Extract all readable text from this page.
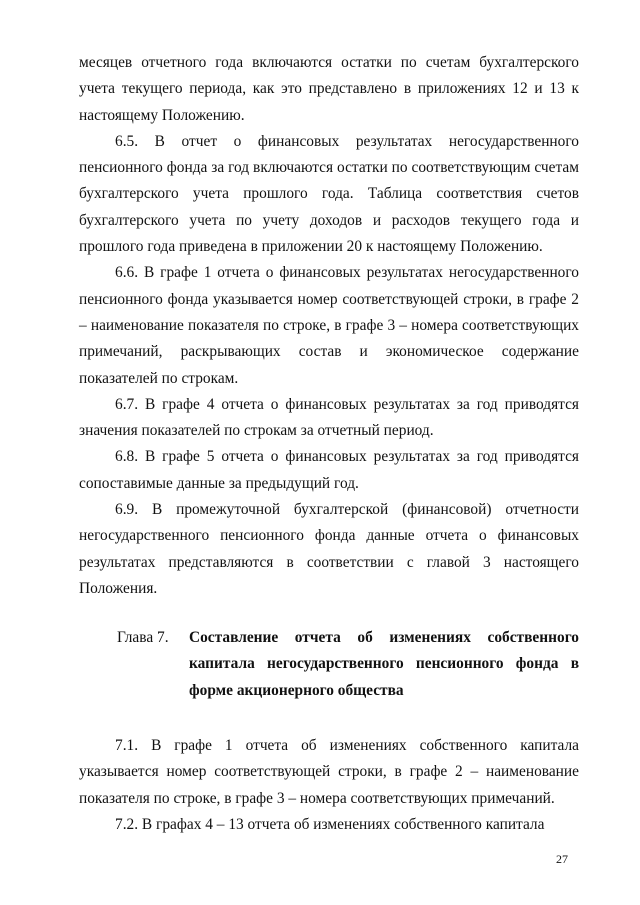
месяцев отчетного года включаются остатки по счетам бухгалтерского учета текущего периода, как это представлено в приложениях 12 и 13 к настоящему Положению.

6.5. В отчет о финансовых результатах негосударственного пенсионного фонда за год включаются остатки по соответствующим счетам бухгалтерского учета прошлого года. Таблица соответствия счетов бухгалтерского учета по учету доходов и расходов текущего года и прошлого года приведена в приложении 20 к настоящему Положению.

6.6. В графе 1 отчета о финансовых результатах негосударственного пенсионного фонда указывается номер соответствующей строки, в графе 2 – наименование показателя по строке, в графе 3 – номера соответствующих примечаний, раскрывающих состав и экономическое содержание показателей по строкам.

6.7. В графе 4 отчета о финансовых результатах за год приводятся значения показателей по строкам за отчетный период.

6.8. В графе 5 отчета о финансовых результатах за год приводятся сопоставимые данные за предыдущий год.

6.9. В промежуточной бухгалтерской (финансовой) отчетности негосударственного пенсионного фонда данные отчета о финансовых результатах представляются в соответствии с главой 3 настоящего Положения.

Глава 7. Составление отчета об изменениях собственного капитала негосударственного пенсионного фонда в форме акционерного общества

7.1. В графе 1 отчета об изменениях собственного капитала указывается номер соответствующей строки, в графе 2 – наименование показателя по строке, в графе 3 – номера соответствующих примечаний.

7.2. В графах 4 – 13 отчета об изменениях собственного капитала

27
